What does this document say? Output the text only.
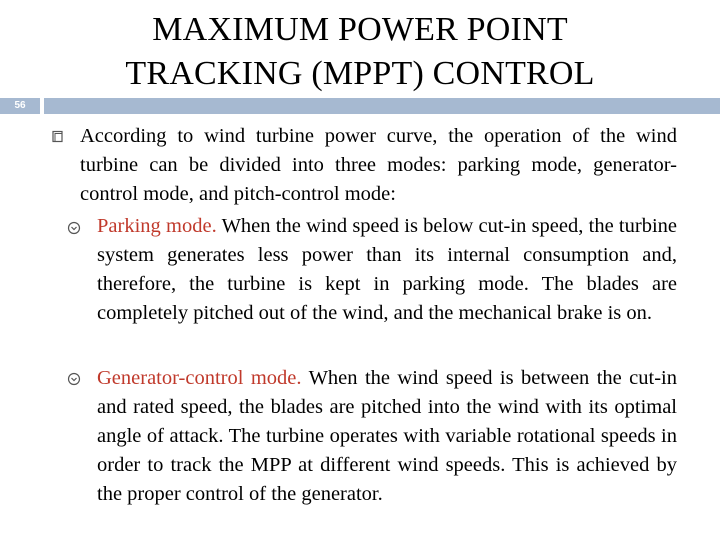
MAXIMUM POWER POINT
TRACKING (MPPT) CONTROL
56
According to wind turbine power curve, the operation of the wind turbine can be divided into three modes: parking mode, generator-control mode, and pitch-control mode:
Parking mode. When the wind speed is below cut-in speed, the turbine system generates less power than its internal consumption and, therefore, the turbine is kept in parking mode. The blades are completely pitched out of the wind, and the mechanical brake is on.
Generator-control mode. When the wind speed is between the cut-in and rated speed, the blades are pitched into the wind with its optimal angle of attack. The turbine operates with variable rotational speeds in order to track the MPP at different wind speeds. This is achieved by the proper control of the generator.
